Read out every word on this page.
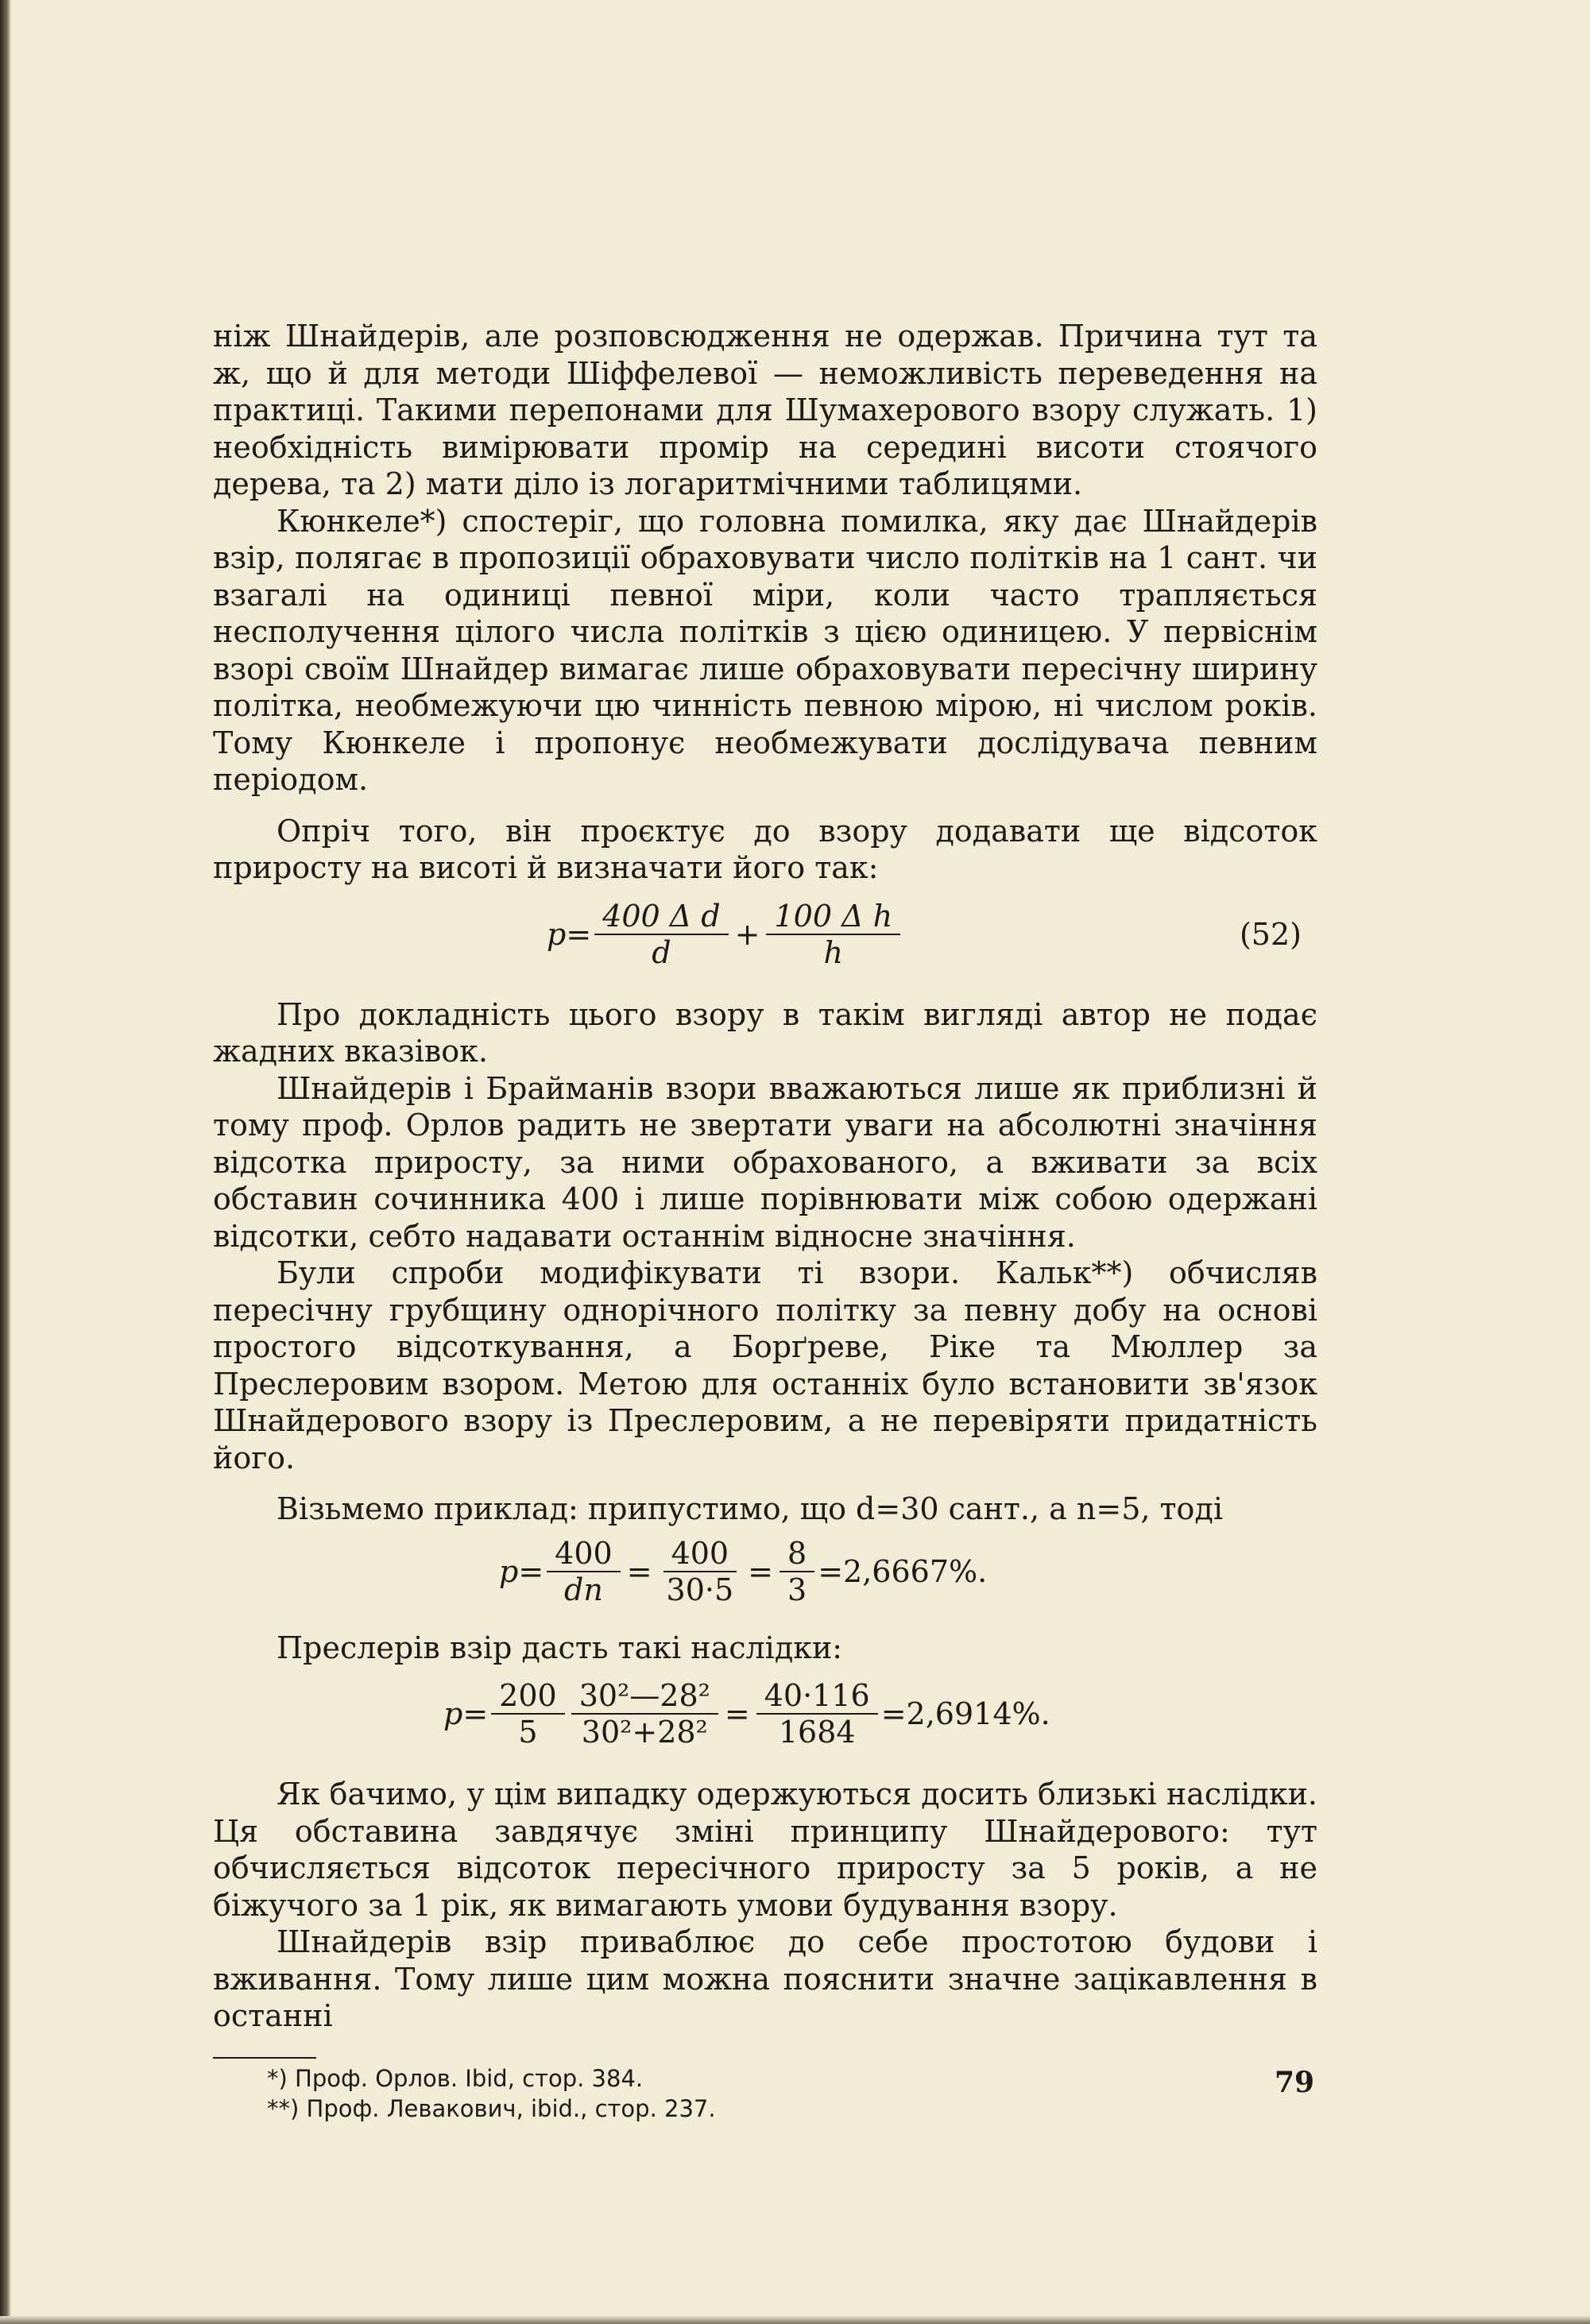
ніж Шнайдерів, але розповсюдження не одержав. Причина тут та ж, що й для методи Шіффелевої — неможливість переведення на практиці. Такими перепонами для Шумахерового взору служать. 1) необхідність вимірювати промір на середині висоти стоячого дерева, та 2) мати діло із логаритмічними таблицями.

Кюнкеле*) спостеріг, що головна помилка, яку дає Шнайдерів взір, полягає в пропозиції обраховувати число політків на 1 сант. чи взагалі на одиниці певної міри, коли часто трапляється несполучення цілого числа політків з цією одиницею. У первіснім взорі своїм Шнайдер вимагає лише обраховувати пересічну ширину політка, необмежуючи цю чинність певною мірою, ні числом років. Тому Кюнкеле і пропонує необмежувати дослідувача певним періодом.

Опріч того, він проєктує до взору додавати ще відсоток приросту на висоті й визначати його так:

$p= \frac{\text{400 Δ d}}{d} + \frac{\text{100 Δ h}}{h}$	(52)

Про докладність цього взору в такім вигляді автор не подає жадних вказівок.

Шнайдерів і Брайманів взори вважаються лише як приблизні й тому проф. Орлов радить не звертати уваги на абсолютні значіння відсотка приросту, за ними обрахованого, а вживати за всіх обставин сочинника 400 і лише порівнювати між собою одержані відсотки, себто надавати останнім відносне значіння.

Були спроби модифікувати ті взори. Кальк**) обчисляв пересічну грубщину однорічного політку за певну добу на основі простого відсоткування, а Борґреве, Ріке та Мюллер за Преслеровим взором. Метою для останніх було встановити зв'язок Шнайдерового взору із Преслеровим, а не перевіряти придатність його.

Візьмемо приклад: припустимо, що d=30 сант., а n=5, тоді

$p= \frac{400}{dn} = \frac{400}{30\cdot 5} = \frac{8}{3} =2,6667\%$.

Преслерів взір дасть такі наслідки:

$p= \frac{200}{5} \frac{\text{30²—28²}}{\text{30²+28²}} = \frac{40\cdot 116}{1684} =2,6914\%$.

Як бачимо, у цім випадку одержуються досить близькі наслідки. Ця обставина завдячує зміні принципу Шнайдерового: тут обчисляється відсоток пересічного приросту за 5 років, а не біжучого за 1 рік, як вимагають умови будування взору.

Шнайдерів взір приваблює до себе простотою будови і вживання. Тому лише цим можна пояснити значне зацікавлення в останні

*) Проф. Орлов. Ibid, стор. 384.

**) Проф. Левакович, ibid., стор. 237.

79
